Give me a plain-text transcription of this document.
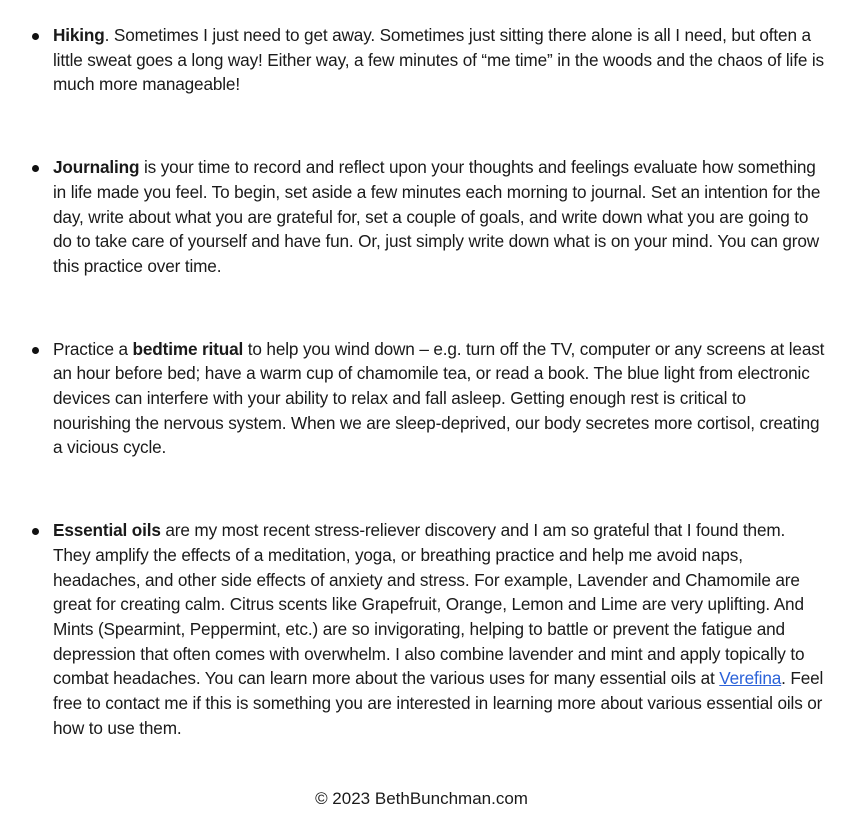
Hiking. Sometimes I just need to get away. Sometimes just sitting there alone is all I need, but often a little sweat goes a long way! Either way, a few minutes of “me time” in the woods and the chaos of life is much more manageable!
Journaling is your time to record and reflect upon your thoughts and feelings evaluate how something in life made you feel. To begin, set aside a few minutes each morning to journal. Set an intention for the day, write about what you are grateful for, set a couple of goals, and write down what you are going to do to take care of yourself and have fun. Or, just simply write down what is on your mind. You can grow this practice over time.
Practice a bedtime ritual to help you wind down – e.g. turn off the TV, computer or any screens at least an hour before bed; have a warm cup of chamomile tea, or read a book. The blue light from electronic devices can interfere with your ability to relax and fall asleep. Getting enough rest is critical to nourishing the nervous system. When we are sleep-deprived, our body secretes more cortisol, creating a vicious cycle.
Essential oils are my most recent stress-reliever discovery and I am so grateful that I found them. They amplify the effects of a meditation, yoga, or breathing practice and help me avoid naps, headaches, and other side effects of anxiety and stress. For example, Lavender and Chamomile are great for creating calm. Citrus scents like Grapefruit, Orange, Lemon and Lime are very uplifting. And Mints (Spearmint, Peppermint, etc.) are so invigorating, helping to battle or prevent the fatigue and depression that often comes with overwhelm. I also combine lavender and mint and apply topically to combat headaches. You can learn more about the various uses for many essential oils at Verefina. Feel free to contact me if this is something you are interested in learning more about various essential oils or how to use them.
© 2023 BethBunchman.com
